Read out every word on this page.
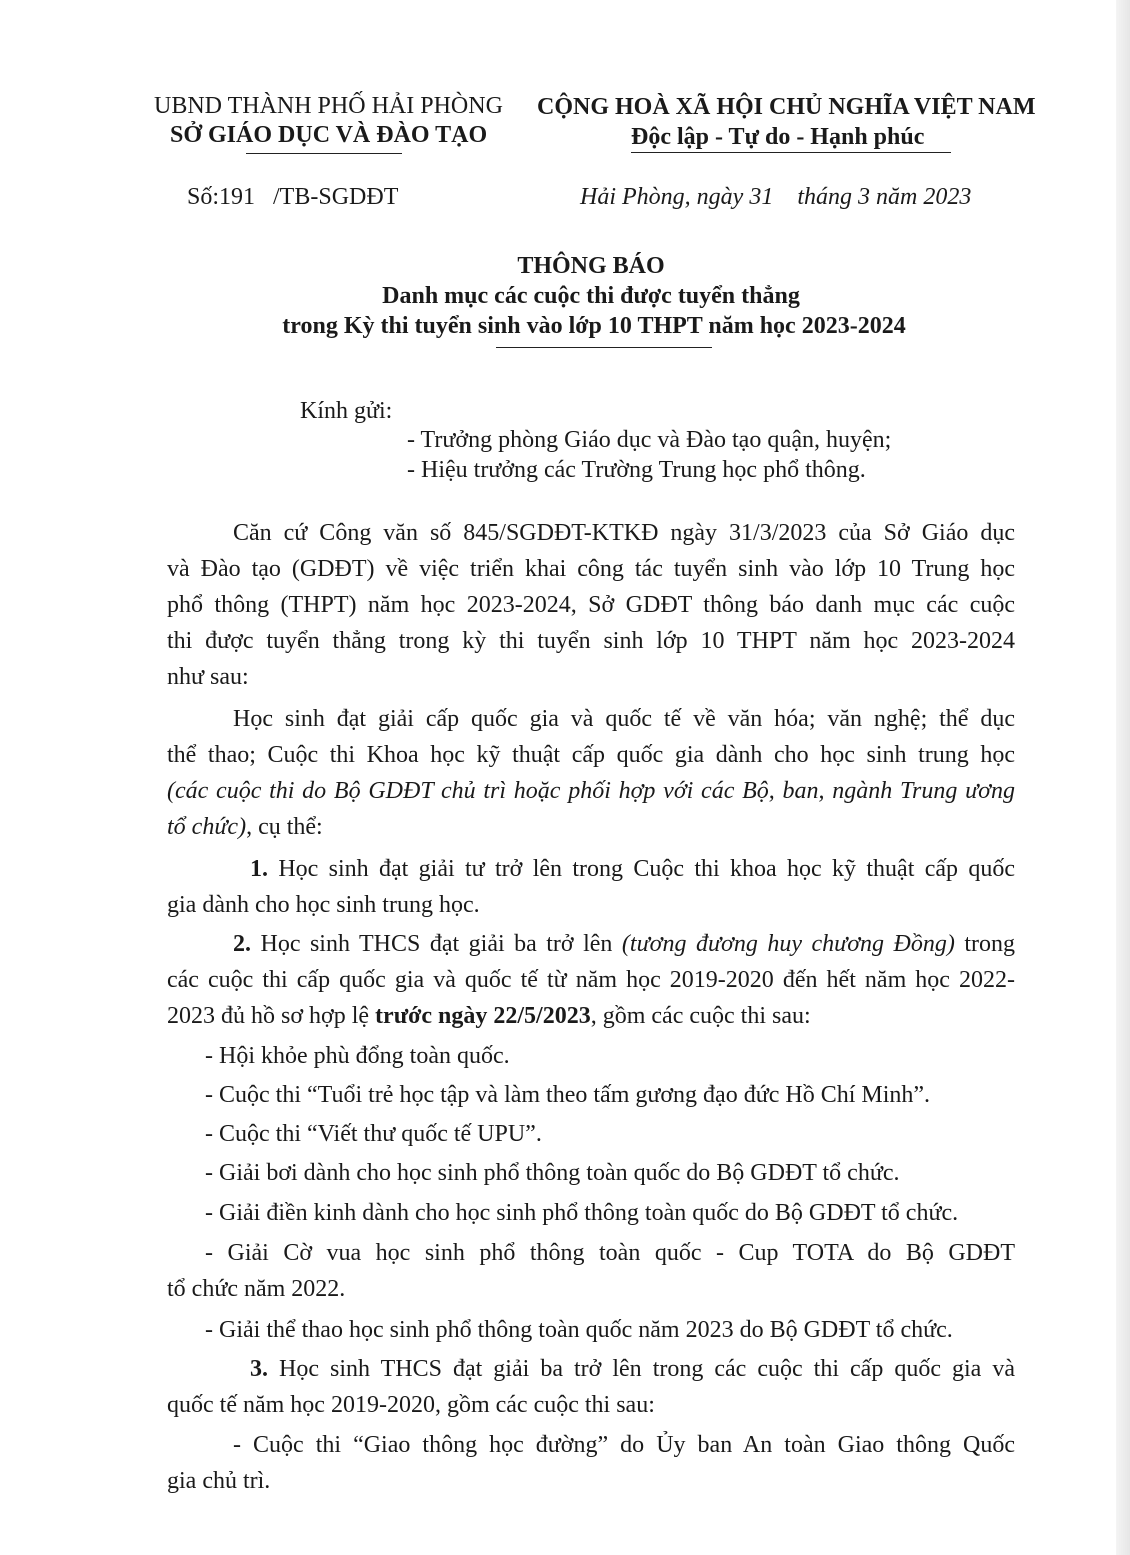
UBND THÀNH PHỐ HẢI PHÒNG
SỞ GIÁO DỤC VÀ ĐÀO TẠO
CỘNG HOÀ XÃ HỘI CHỦ NGHĨA VIỆT NAM
Độc lập - Tự do - Hạnh phúc
Số:191   /TB-SGDĐT	Hải Phòng, ngày 31    tháng 3 năm 2023
THÔNG BÁO
Danh mục các cuộc thi được tuyển thẳng
trong Kỳ thi tuyển sinh vào lớp 10 THPT năm học 2023-2024
Kính gửi:
- Trưởng phòng Giáo dục và Đào tạo quận, huyện;
- Hiệu trưởng các Trường Trung học phổ thông.
Căn cứ Công văn số 845/SGDĐT-KTKĐ ngày 31/3/2023 của Sở Giáo dục
và Đào tạo (GDĐT) về việc triển khai công tác tuyển sinh vào lớp 10 Trung học
phổ thông (THPT) năm học 2023-2024, Sở GDĐT thông báo danh mục các cuộc
thi được tuyển thẳng trong kỳ thi tuyển sinh lớp 10 THPT năm học 2023-2024
như sau:
Học sinh đạt giải cấp quốc gia và quốc tế về văn hóa; văn nghệ; thể dục
thể thao; Cuộc thi Khoa học kỹ thuật cấp quốc gia dành cho học sinh trung học
(các cuộc thi do Bộ GDĐT chủ trì hoặc phối hợp với các Bộ, ban, ngành Trung ương
tổ chức), cụ thể:
1. Học sinh đạt giải tư trở lên trong Cuộc thi khoa học kỹ thuật cấp quốc
gia dành cho học sinh trung học.
2. Học sinh THCS đạt giải ba trở lên (tương đương huy chương Đồng) trong
các cuộc thi cấp quốc gia và quốc tế từ năm học 2019-2020 đến hết năm học 2022-
2023 đủ hồ sơ hợp lệ trước ngày 22/5/2023, gồm các cuộc thi sau:
- Hội khỏe phù đổng toàn quốc.
- Cuộc thi “Tuổi trẻ học tập và làm theo tấm gương đạo đức Hồ Chí Minh”.
- Cuộc thi “Viết thư quốc tế UPU”.
- Giải bơi dành cho học sinh phổ thông toàn quốc do Bộ GDĐT tổ chức.
- Giải điền kinh dành cho học sinh phổ thông toàn quốc do Bộ GDĐT tổ chức.
- Giải Cờ vua học sinh phổ thông toàn quốc - Cup TOTA do Bộ GDĐT
tổ chức năm 2022.
- Giải thể thao học sinh phổ thông toàn quốc năm 2023 do Bộ GDĐT tổ chức.
3. Học sinh THCS đạt giải ba trở lên trong các cuộc thi cấp quốc gia và
quốc tế năm học 2019-2020, gồm các cuộc thi sau:
- Cuộc thi “Giao thông học đường” do Ủy ban An toàn Giao thông Quốc
gia chủ trì.
